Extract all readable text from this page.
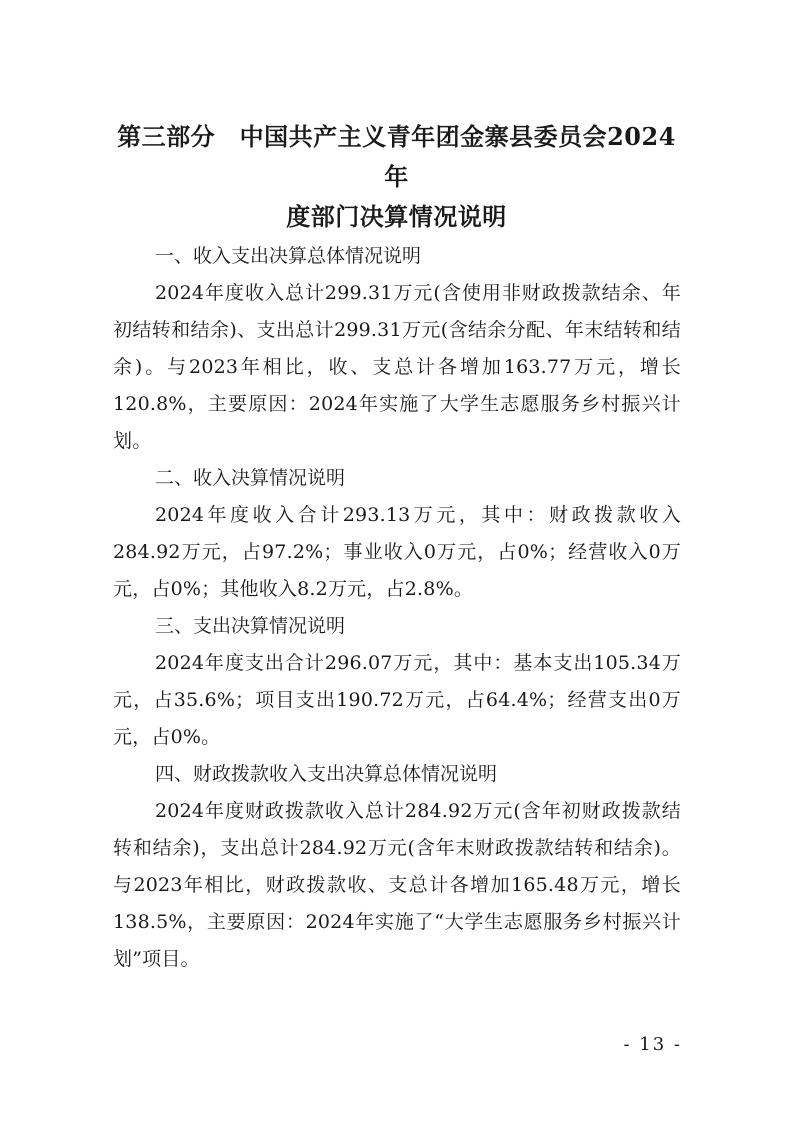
第三部分　中国共产主义青年团金寨县委员会2024年
度部门决算情况说明
一、收入支出决算总体情况说明

2024年度收入总计299.31万元(含使用非财政拨款结余、年初结转和结余)、支出总计299.31万元(含结余分配、年末结转和结余)。与2023年相比，收、支总计各增加163.77万元，增长120.8%，主要原因：2024年实施了大学生志愿服务乡村振兴计划。

二、收入决算情况说明

2024年度收入合计293.13万元，其中：财政拨款收入284.92万元，占97.2%；事业收入0万元，占0%；经营收入0万元，占0%；其他收入8.2万元，占2.8%。

三、支出决算情况说明

2024年度支出合计296.07万元，其中：基本支出105.34万元，占35.6%；项目支出190.72万元，占64.4%；经营支出0万元，占0%。

四、财政拨款收入支出决算总体情况说明

2024年度财政拨款收入总计284.92万元(含年初财政拨款结转和结余)，支出总计284.92万元(含年末财政拨款结转和结余)。与2023年相比，财政拨款收、支总计各增加165.48万元，增长138.5%，主要原因：2024年实施了“大学生志愿服务乡村振兴计划”项目。

- 13 -
